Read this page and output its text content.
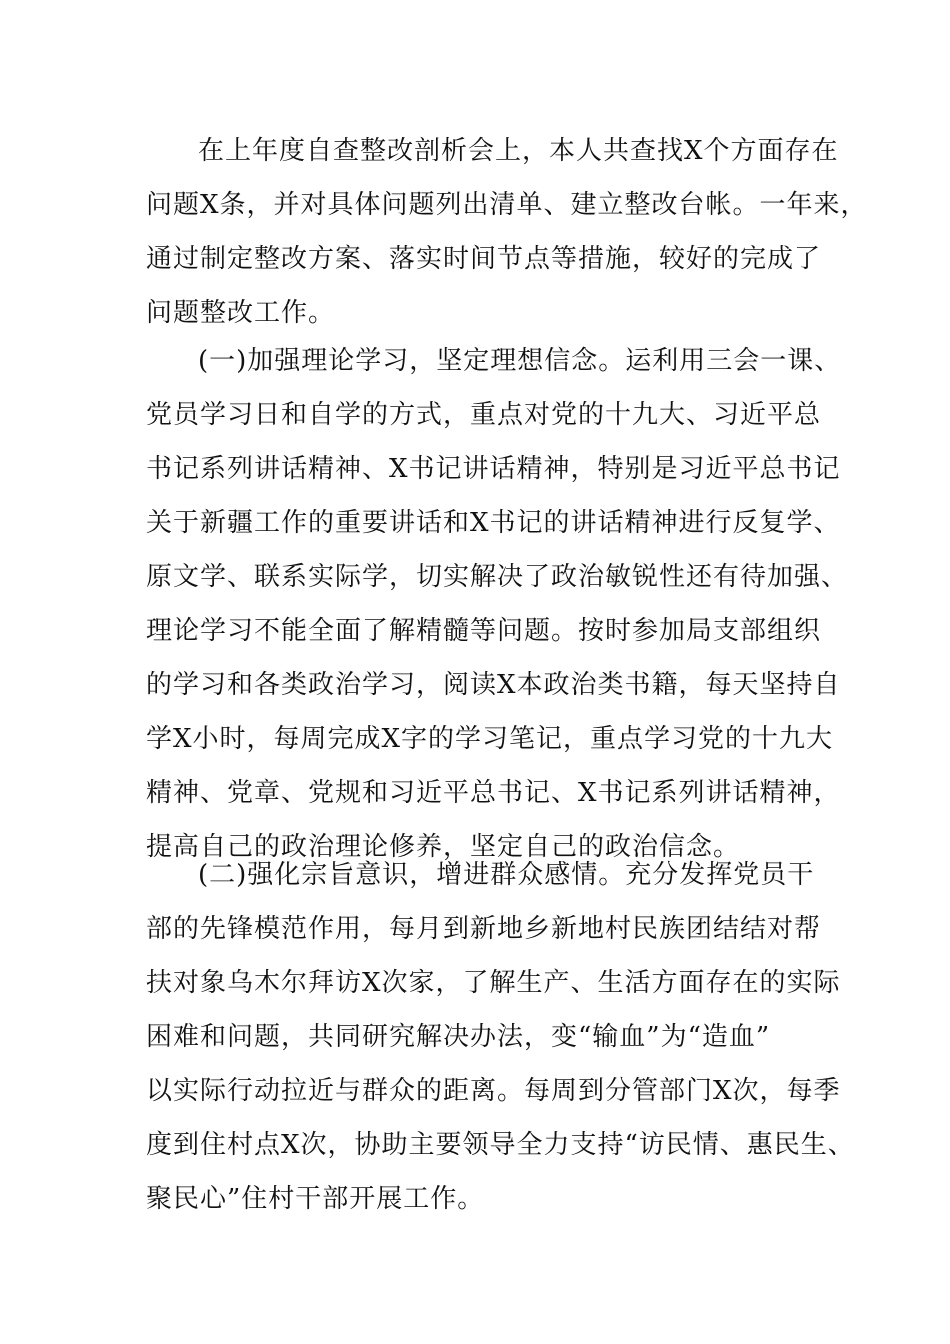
在上年度自查整改剖析会上，本人共查找X个方面存在
问题X条，并对具体问题列出清单、建立整改台帐。一年来，
通过制定整改方案、落实时间节点等措施，较好的完成了
问题整改工作。
(一)加强理论学习，坚定理想信念。运利用三会一课、
党员学习日和自学的方式，重点对党的十九大、习近平总
书记系列讲话精神、X书记讲话精神，特别是习近平总书记
关于新疆工作的重要讲话和X书记的讲话精神进行反复学、
原文学、联系实际学，切实解决了政治敏锐性还有待加强、
理论学习不能全面了解精髓等问题。按时参加局支部组织
的学习和各类政治学习，阅读X本政治类书籍，每天坚持自
学X小时，每周完成X字的学习笔记，重点学习党的十九大
精神、党章、党规和习近平总书记、X书记系列讲话精神，
提高自己的政治理论修养，坚定自己的政治信念。
(二)强化宗旨意识，增进群众感情。充分发挥党员干
部的先锋模范作用，每月到新地乡新地村民族团结结对帮
扶对象乌木尔拜访X次家，了解生产、生活方面存在的实际
困难和问题，共同研究解决办法，变“输血”为“造血”
以实际行动拉近与群众的距离。每周到分管部门X次，每季
度到住村点X次，协助主要领导全力支持“访民情、惠民生、
聚民心”住村干部开展工作。
